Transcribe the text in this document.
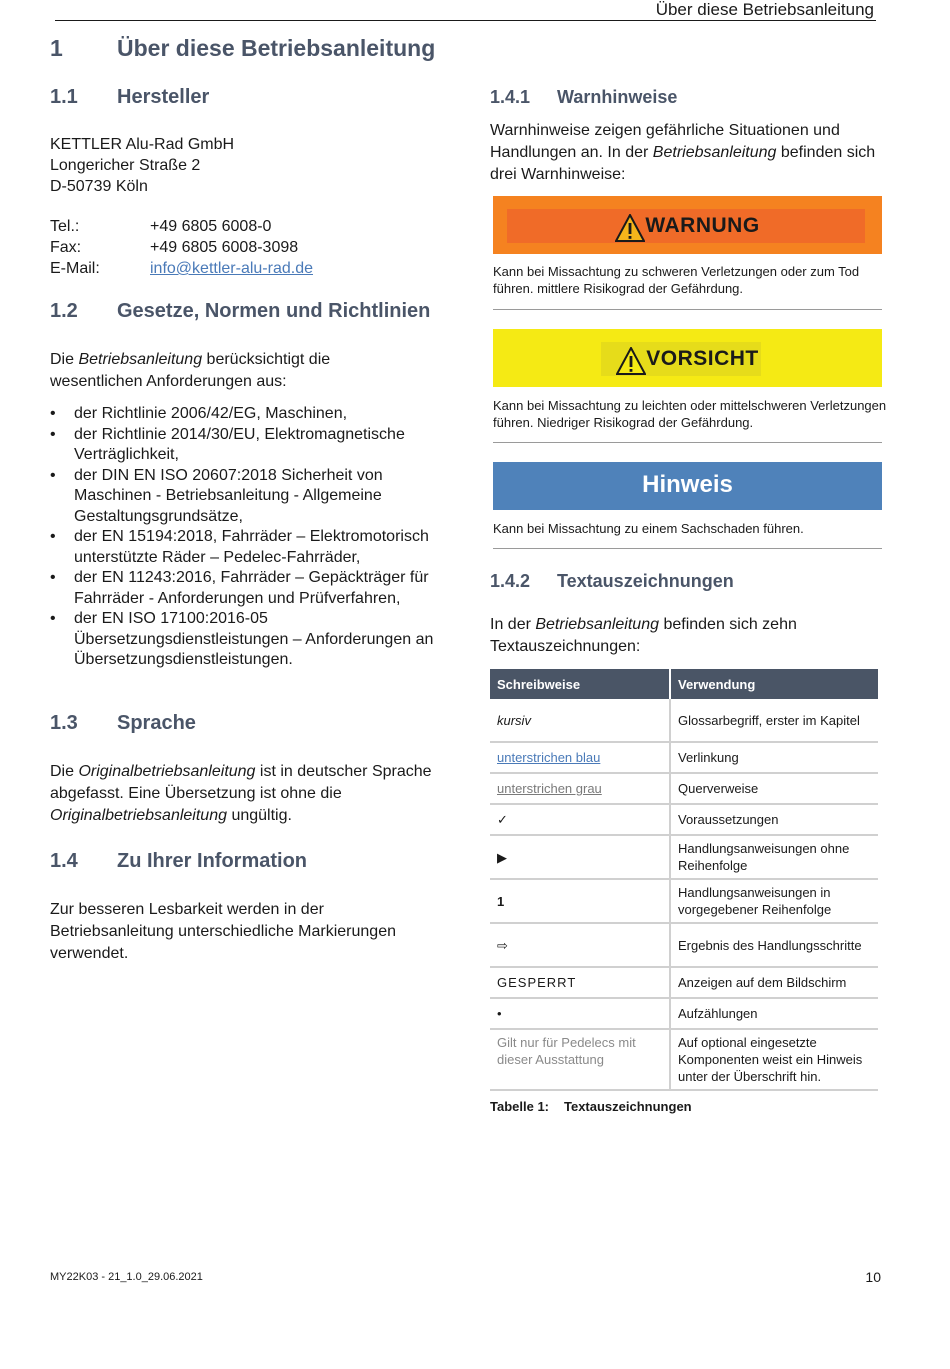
Über diese Betriebsanleitung
1 Über diese Betriebsanleitung
1.1 Hersteller
KETTLER Alu-Rad GmbH
Longericher Straße 2
D-50739 Köln
Tel.:	+49 6805 6008-0
Fax:	+49 6805 6008-3098
E-Mail:	info@kettler-alu-rad.de
1.2 Gesetze, Normen und Richtlinien
Die Betriebsanleitung berücksichtigt die wesentlichen Anforderungen aus:
• der Richtlinie 2006/42/EG, Maschinen,
• der Richtlinie 2014/30/EU, Elektromagnetische Verträglichkeit,
• der DIN EN ISO 20607:2018 Sicherheit von Maschinen - Betriebsanleitung - Allgemeine Gestaltungsgrundsätze,
• der EN 15194:2018, Fahrräder – Elektromotorisch unterstützte Räder – Pedelec-Fahrräder,
• der EN 11243:2016, Fahrräder – Gepäckträger für Fahrräder - Anforderungen und Prüfverfahren,
• der EN ISO 17100:2016-05 Übersetzungsdienstleistungen – Anforderungen an Übersetzungsdienstleistungen.
1.3 Sprache
Die Originalbetriebsanleitung ist in deutscher Sprache abgefasst. Eine Übersetzung ist ohne die Originalbetriebsanleitung ungültig.
1.4 Zu Ihrer Information
Zur besseren Lesbarkeit werden in der Betriebsanleitung unterschiedliche Markierungen verwendet.
1.4.1 Warnhinweise
Warnhinweise zeigen gefährliche Situationen und Handlungen an. In der Betriebsanleitung befinden sich drei Warnhinweise:
WARNUNG
Kann bei Missachtung zu schweren Verletzungen oder zum Tod führen. mittlere Risikograd der Gefährdung.
VORSICHT
Kann bei Missachtung zu leichten oder mittelschweren Verletzungen führen. Niedriger Risikograd der Gefährdung.
Hinweis
Kann bei Missachtung zu einem Sachschaden führen.
1.4.2 Textauszeichnungen
In der Betriebsanleitung befinden sich zehn Textauszeichnungen:
Schreibweise	Verwendung
kursiv	Glossarbegriff, erster im Kapitel
unterstrichen blau	Verlinkung
unterstrichen grau	Querverweise
✓	Voraussetzungen
▶	Handlungsanweisungen ohne Reihenfolge
1	Handlungsanweisungen in vorgegebener Reihenfolge
⇨	Ergebnis des Handlungsschritte
GESPERRT	Anzeigen auf dem Bildschirm
•	Aufzählungen
Gilt nur für Pedelecs mit dieser Ausstattung	Auf optional eingesetzte Komponenten weist ein Hinweis unter der Überschrift hin.
Tabelle 1: Textauszeichnungen
MY22K03 - 21_1.0_29.06.2021	10
